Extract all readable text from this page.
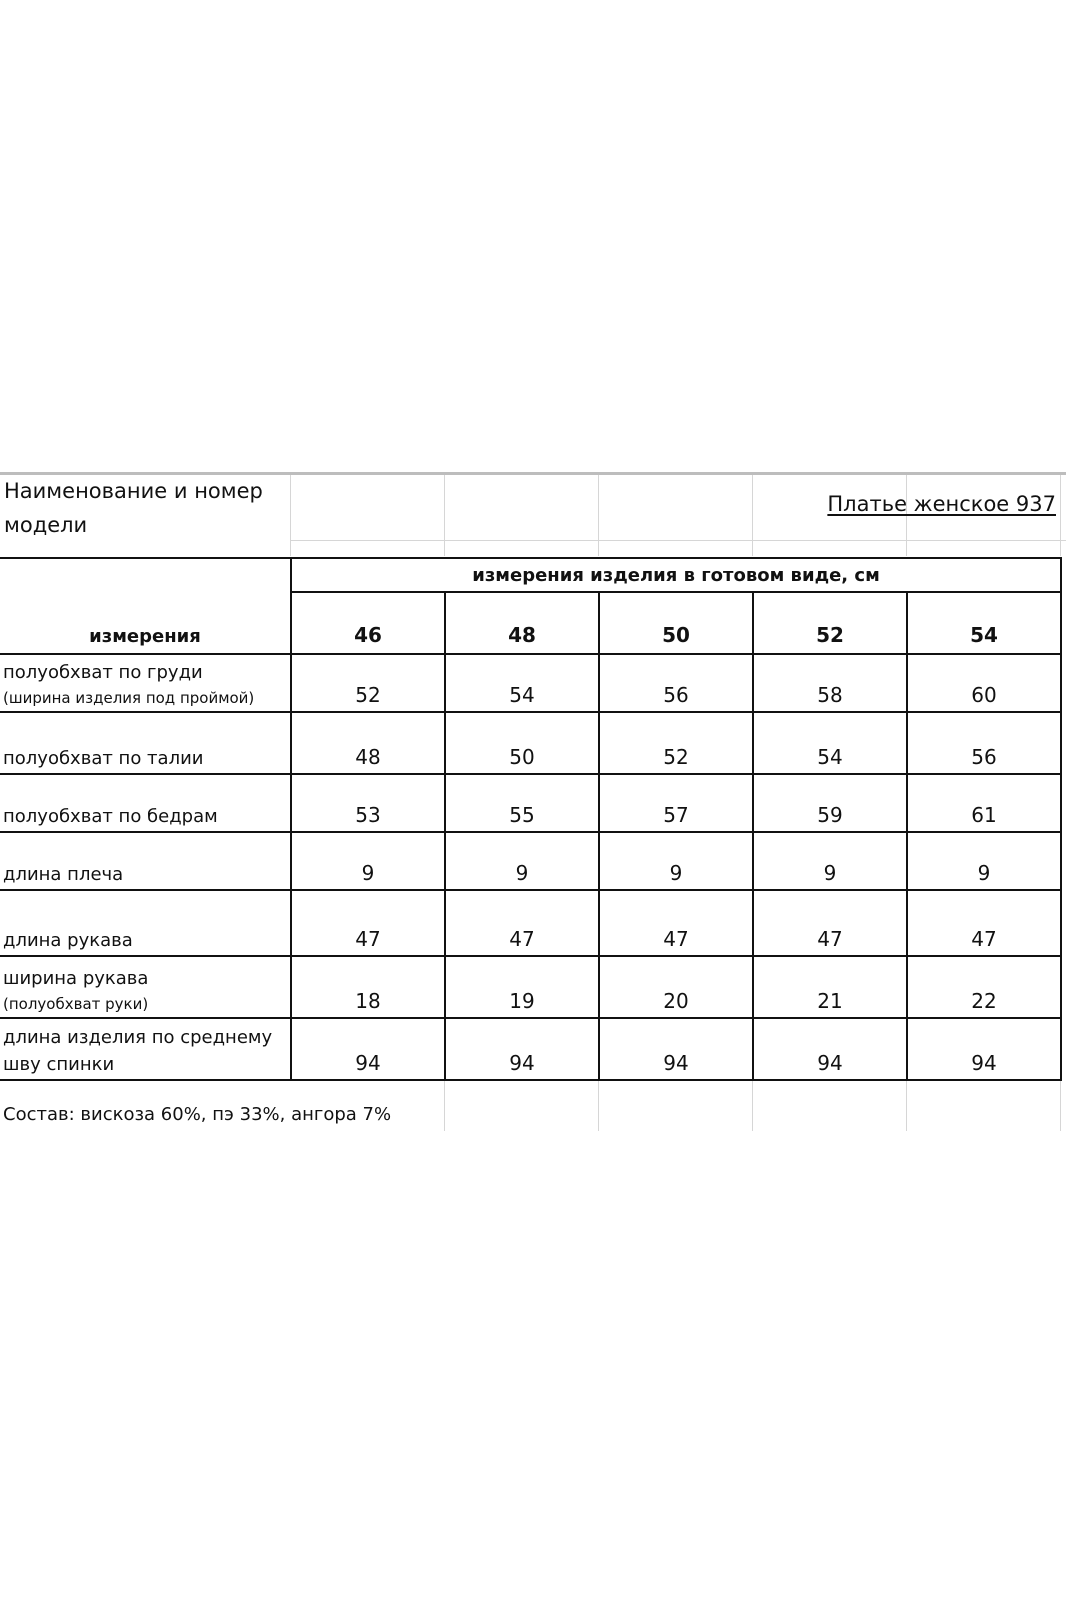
Наименование и номер модели
Платье женское 937
измерения	измерения изделия в готовом виде, см				
	46	48	50	52	54
полуобхват по груди
(ширина изделия под проймой)	52	54	56	58	60
полуобхват по талии	48	50	52	54	56
полуобхват по бедрам	53	55	57	59	61
длина плеча	9	9	9	9	9
длина рукава	47	47	47	47	47
ширина рукава
(полуобхват руки)	18	19	20	21	22
длина изделия по среднему
шву спинки	94	94	94	94	94
Состав: вискоза 60%, пэ 33%, ангора 7%
